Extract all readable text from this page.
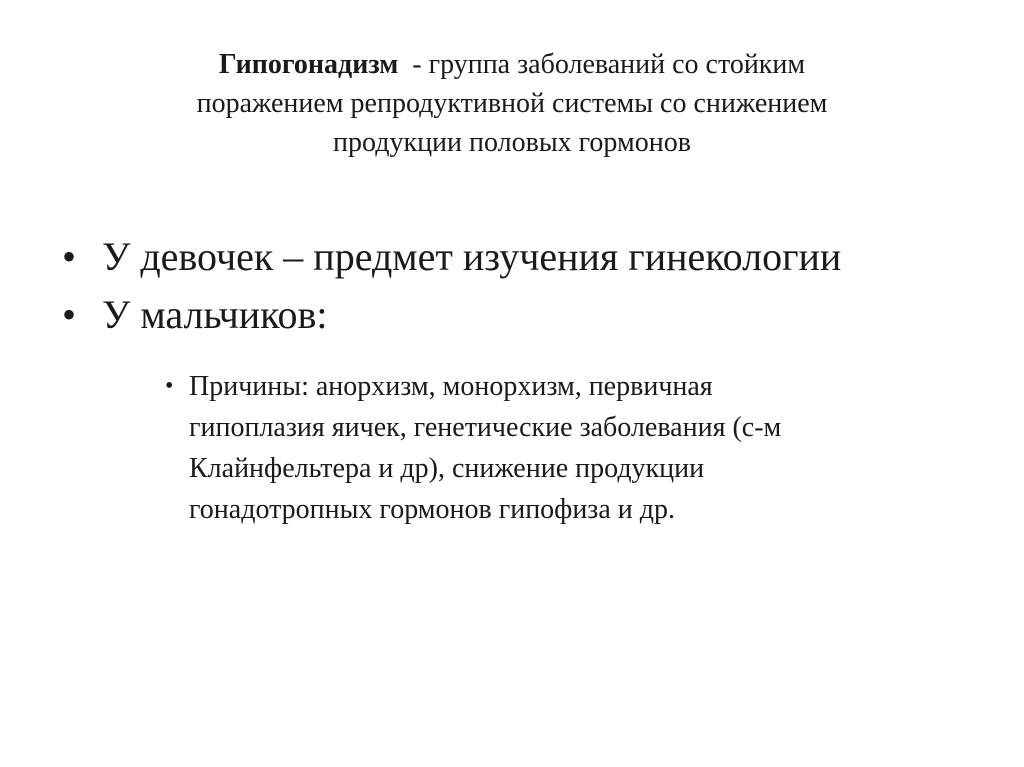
Гипогонадизм  - группа заболеваний со стойким
поражением репродуктивной системы со снижением
продукции половых гормонов
• У девочек – предмет изучения гинекологии
• У мальчиков:
• Причины: анорхизм, монорхизм, первичная
гипоплазия яичек, генетические заболевания (с-м
Клайнфельтера и др), снижение продукции
гонадотропных гормонов гипофиза и др.
